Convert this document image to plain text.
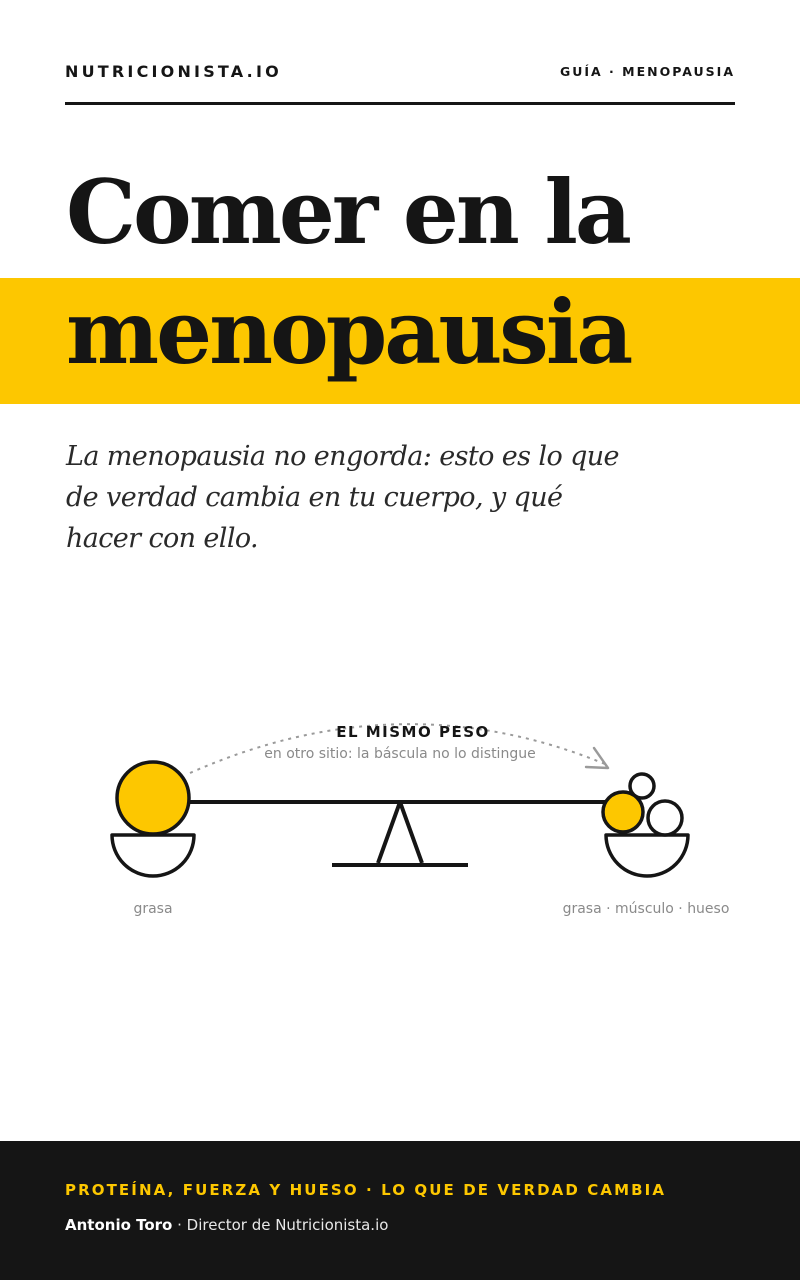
NUTRICIONISTA.IO	GUÍA · MENOPAUSIA
Comer en la
menopausia

La menopausia no engorda: esto es lo que de verdad cambia en tu cuerpo, y qué hacer con ello.

EL MISMO PESO
en otro sitio: la báscula no lo distingue
grasa	grasa · músculo · hueso
PROTEÍNA, FUERZA Y HUESO · LO QUE DE VERDAD CAMBIA
Antonio Toro · Director de Nutricionista.io
